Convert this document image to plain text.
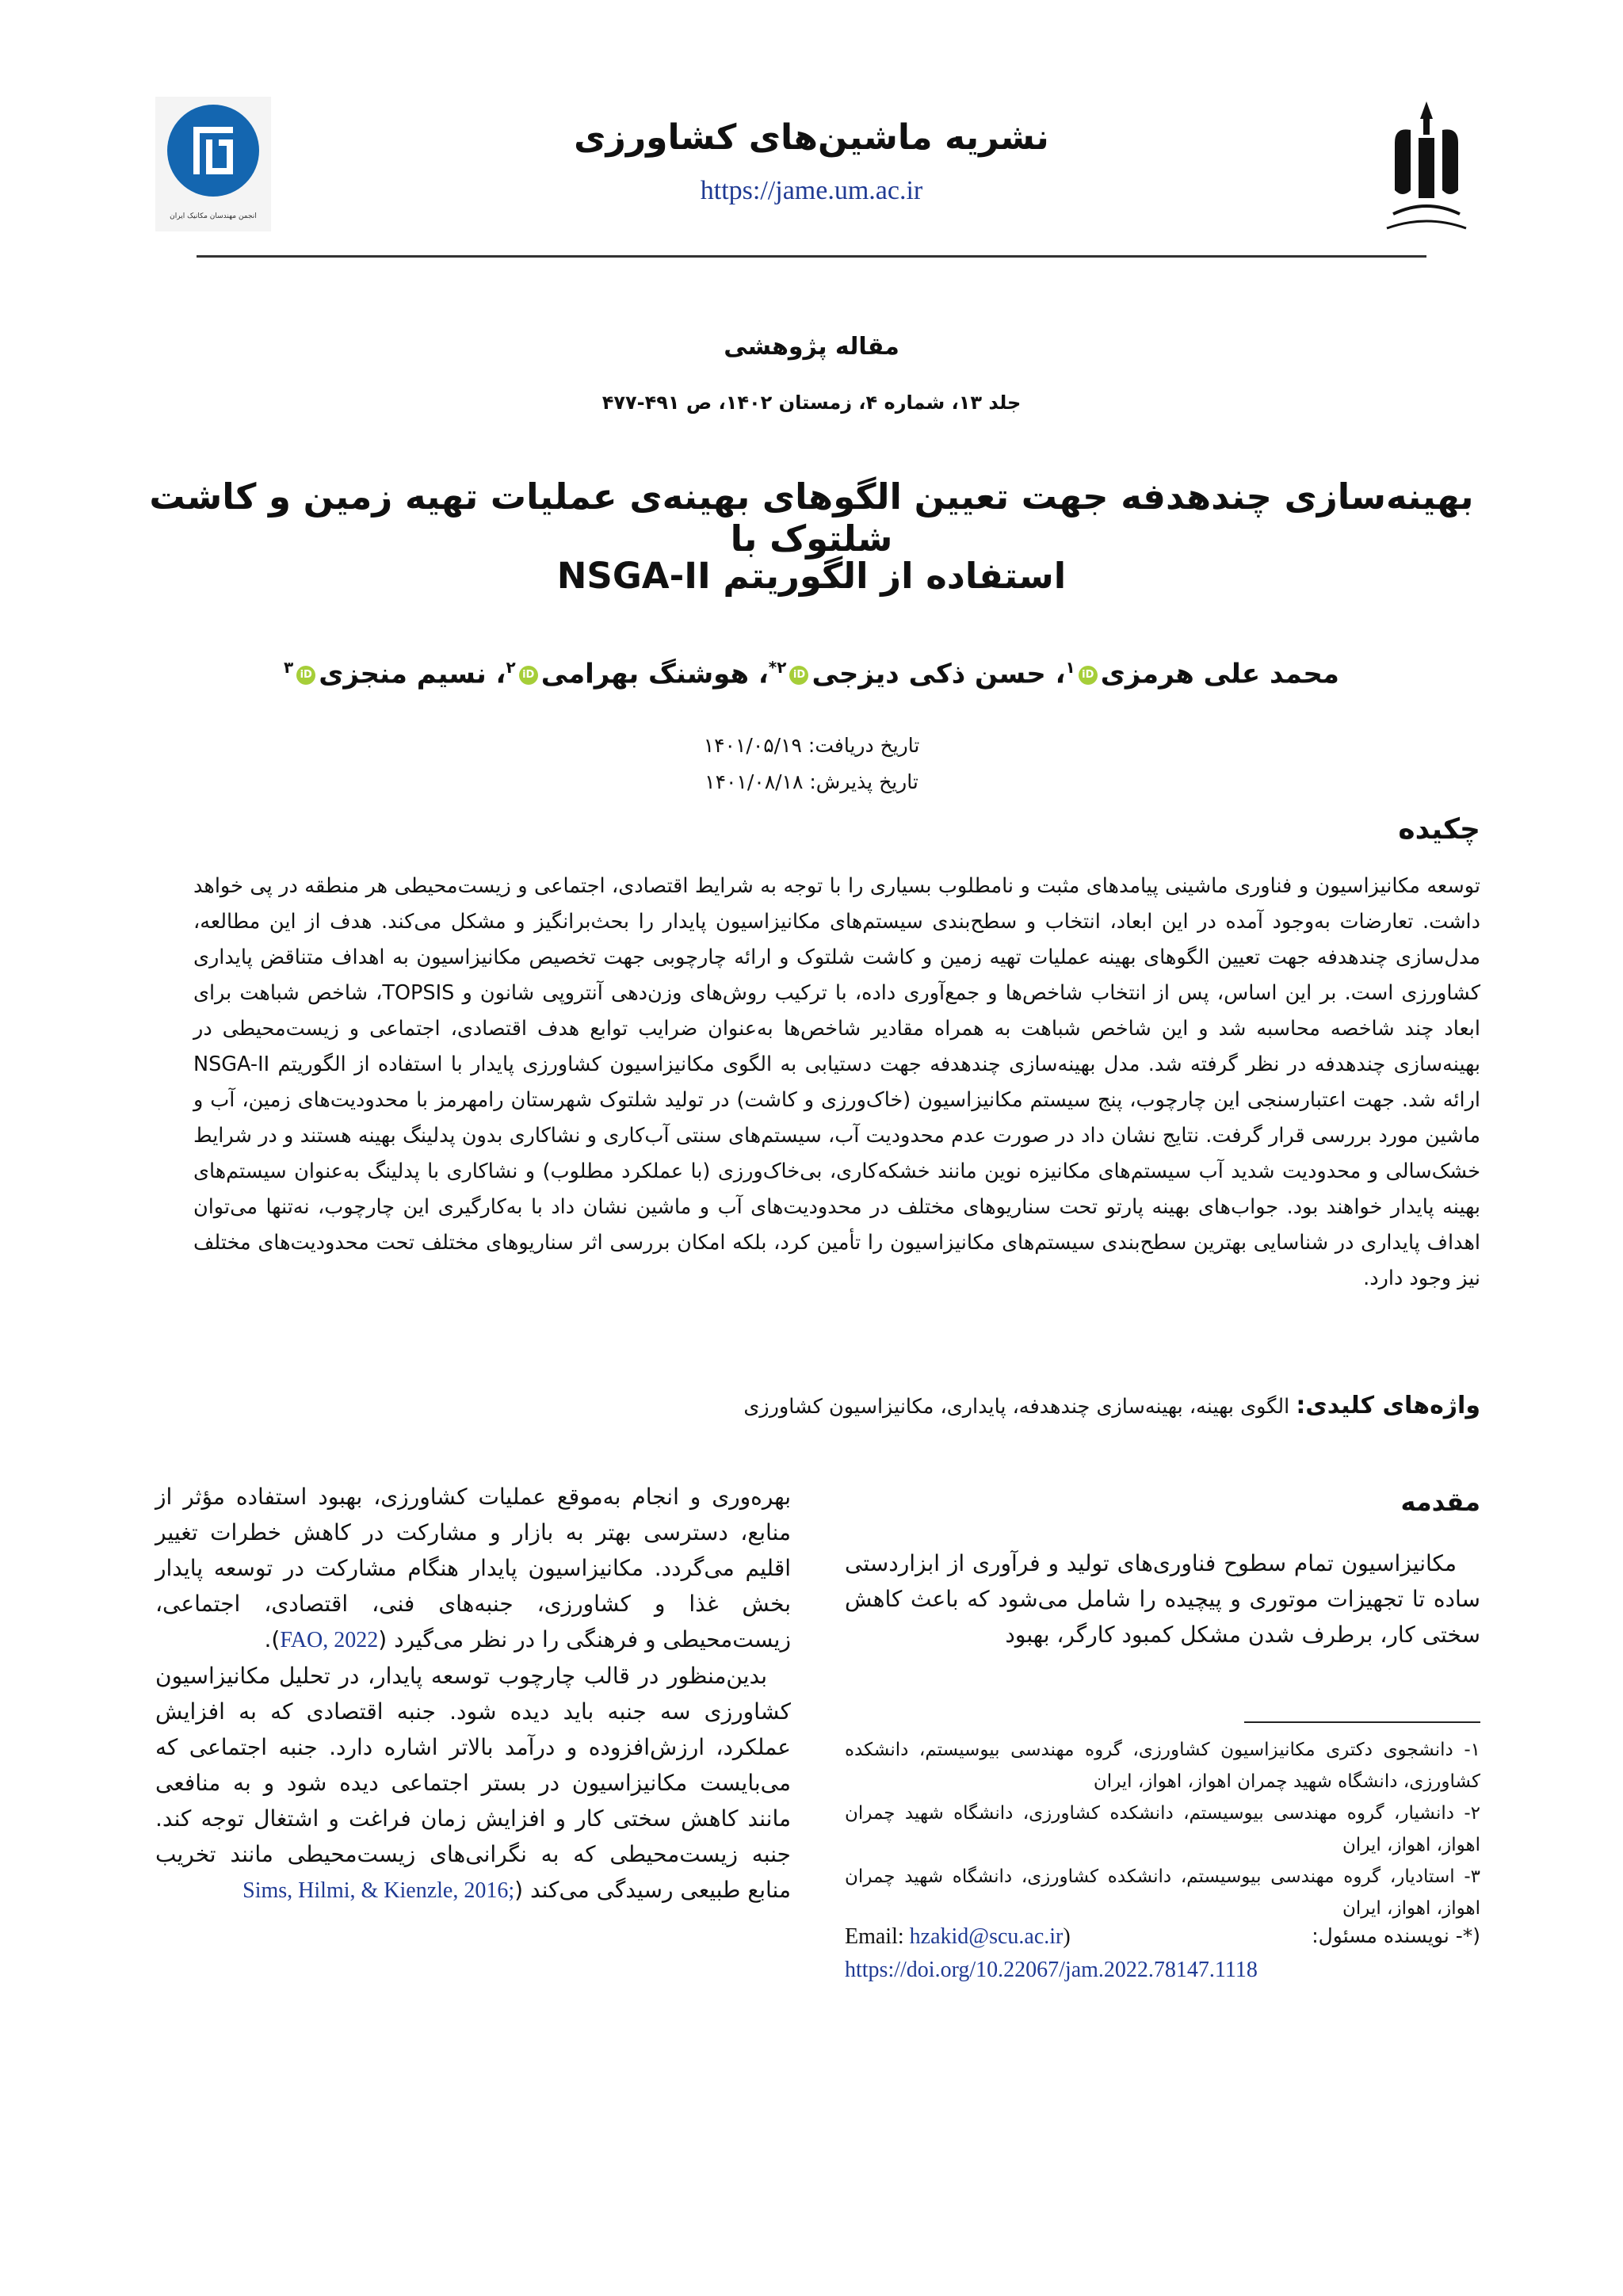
نشریه ماشین‌های کشاورزی
https://jame.um.ac.ir
انجمن مهندسان مکانیک ایران
مقاله پژوهشی
جلد ۱۳، شماره ۴، زمستان ۱۴۰۲، ص ۴۹۱-۴۷۷
بهینه‌سازی چندهدفه جهت تعیین الگوهای بهینه‌ی عملیات تهیه زمین و کاشت شلتوک با
استفاده از الگوریتم NSGA-II
محمد علی هرمزیiD$^۱$، حسن ذکی دیزجیiD$^{۲*}$، هوشنگ بهرامیiD$^۲$، نسیم منجزیiD$^۳$
تاریخ دریافت: ۱۴۰۱/۰۵/۱۹
تاریخ پذیرش: ۱۴۰۱/۰۸/۱۸
چکیده
توسعه مکانیزاسیون و فناوری ماشینی پیامدهای مثبت و نامطلوب بسیاری را با توجه به شرایط اقتصادی، اجتماعی و زیست‌محیطی هر منطقه در پی خواهد داشت. تعارضات به‌وجود آمده در این ابعاد، انتخاب و سطح‌بندی سیستم‌های مکانیزاسیون پایدار را بحث‌برانگیز و مشکل می‌کند. هدف از این مطالعه، مدل‌سازی چندهدفه جهت تعیین الگوهای بهینه عملیات تهیه زمین و کاشت شلتوک و ارائه چارچوبی جهت تخصیص مکانیزاسیون به اهداف متناقض پایداری کشاورزی است. بر این اساس، پس از انتخاب شاخص‌ها و جمع‌آوری داده، با ترکیب روش‌های وزن‌دهی آنتروپی شانون و TOPSIS، شاخص شباهت برای ابعاد چند شاخصه محاسبه شد و این شاخص شباهت به همراه مقادیر شاخص‌ها به‌عنوان ضرایب توابع هدف اقتصادی، اجتماعی و زیست‌محیطی در بهینه‌سازی چندهدفه در نظر گرفته شد. مدل بهینه‌سازی چندهدفه جهت دستیابی به الگوی مکانیزاسیون کشاورزی پایدار با استفاده از الگوریتم NSGA-II ارائه شد. جهت اعتبارسنجی این چارچوب، پنج سیستم مکانیزاسیون (خاک‌ورزی و کاشت) در تولید شلتوک شهرستان رامهرمز با محدودیت‌های زمین، آب و ماشین مورد بررسی قرار گرفت. نتایج نشان داد در صورت عدم محدودیت آب، سیستم‌های سنتی آب‌کاری و نشاکاری بدون پدلینگ بهینه هستند و در شرایط خشک‌سالی و محدودیت شدید آب سیستم‌های مکانیزه نوین مانند خشکه‌کاری، بی‌خاک‌ورزی (با عملکرد مطلوب) و نشاکاری با پدلینگ به‌عنوان سیستم‌های بهینه پایدار خواهند بود. جواب‌های بهینه پارتو تحت سناریوهای مختلف در محدودیت‌های آب و ماشین نشان داد با به‌کارگیری این چارچوب، نه‌تنها می‌توان اهداف پایداری در شناسایی بهترین سطح‌بندی سیستم‌های مکانیزاسیون را تأمین کرد، بلکه امکان بررسی اثر سناریوهای مختلف تحت محدودیت‌های مختلف نیز وجود دارد.
واژه‌های کلیدی: الگوی بهینه، بهینه‌سازی چندهدفه، پایداری، مکانیزاسیون کشاورزی
مقدمه
مکانیزاسیون تمام سطوح فناوری‌های تولید و فرآوری از ابزاردستی ساده تا تجهیزات موتوری و پیچیده را شامل می‌شود که باعث کاهش سختی کار، برطرف شدن مشکل کمبود کارگر، بهبود
۱- دانشجوی دکتری مکانیزاسیون کشاورزی، گروه مهندسی بیوسیستم، دانشکده کشاورزی، دانشگاه شهید چمران اهواز، اهواز، ایران
۲- دانشیار، گروه مهندسی بیوسیستم، دانشکده کشاورزی، دانشگاه شهید چمران اهواز، اهواز، ایران
۳- استادیار، گروه مهندسی بیوسیستم، دانشکده کشاورزی، دانشگاه شهید چمران اهواز، اهواز، ایران
(*- نویسنده مسئول:
Email: hzakid@scu.ac.ir)
https://doi.org/10.22067/jam.2022.78147.1118

بهره‌وری و انجام به‌موقع عملیات کشاورزی، بهبود استفاده مؤثر از منابع، دسترسی بهتر به بازار و مشارکت در کاهش خطرات تغییر اقلیم می‌گردد. مکانیزاسیون پایدار هنگام مشارکت در توسعه پایدار بخش غذا و کشاورزی، جنبه‌های فنی، اقتصادی، اجتماعی، زیست‌محیطی و فرهنگی را در نظر می‌گیرد (FAO, 2022).

بدین‌منظور در قالب چارچوب توسعه پایدار، در تحلیل مکانیزاسیون کشاورزی سه جنبه باید دیده شود. جنبه اقتصادی که به افزایش عملکرد، ارزش‌افزوده و درآمد بالاتر اشاره دارد. جنبه اجتماعی که می‌بایست مکانیزاسیون در بستر اجتماعی دیده شود و به منافعی مانند کاهش سختی کار و افزایش زمان فراغت و اشتغال توجه کند. جنبه زیست‌محیطی که به نگرانی‌های زیست‌محیطی مانند تخریب منابع طبیعی رسیدگی می‌کند (Sims, Hilmi, & Kienzle, 2016;
